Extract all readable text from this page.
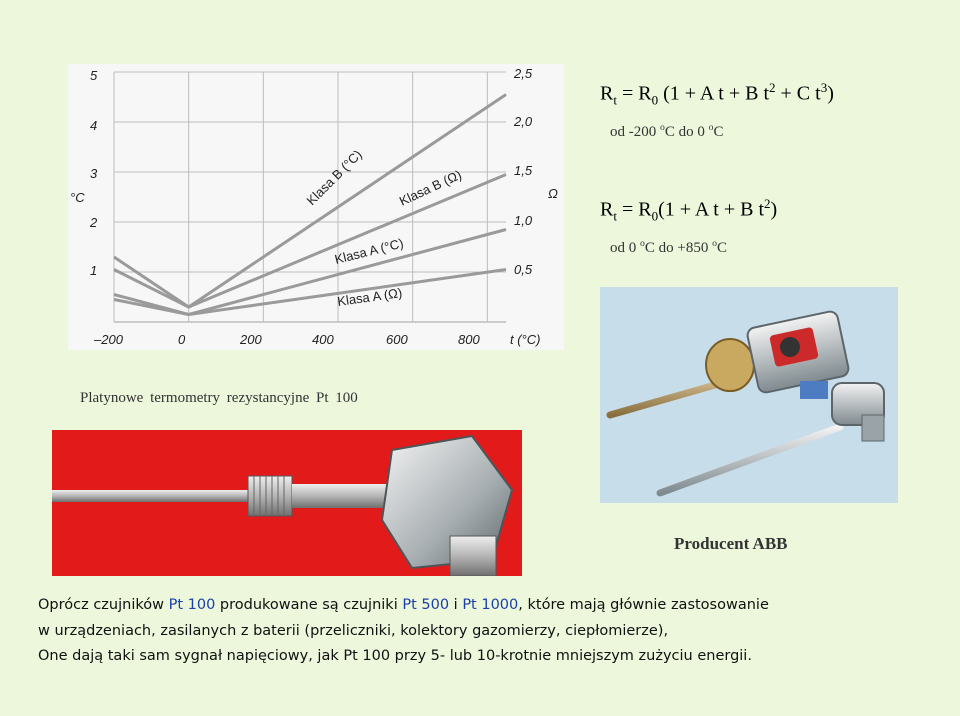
5
4
3
2
1
°C
2,5
2,0
1,5
1,0
0,5
Ω
–200	0	200	400	600	800 t (°C)
Klasa B (°C) Klasa B (Ω)
Klasa A (°C)
Klasa A (Ω)
$R_t = R_0$ (1 + A t + B $t^2 + C$ $t^3$)
od -200 $^o$C do 0 $^o$C
$R_t = R_0(1 + A$ t + B $t^2$)
od 0 $^o$C do +850 $^o$C
Platynowe termometry rezystancyjne Pt 100
Producent ABB
Oprócz czujników Pt 100 produkowane są czujniki Pt 500 i Pt 1000, które mają głównie zastosowanie
w urządzeniach, zasilanych z baterii (przeliczniki, kolektory gazomierzy, ciepłomierze),
One dają taki sam sygnał napięciowy, jak Pt 100 przy 5- lub 10-krotnie mniejszym zużyciu energii.
